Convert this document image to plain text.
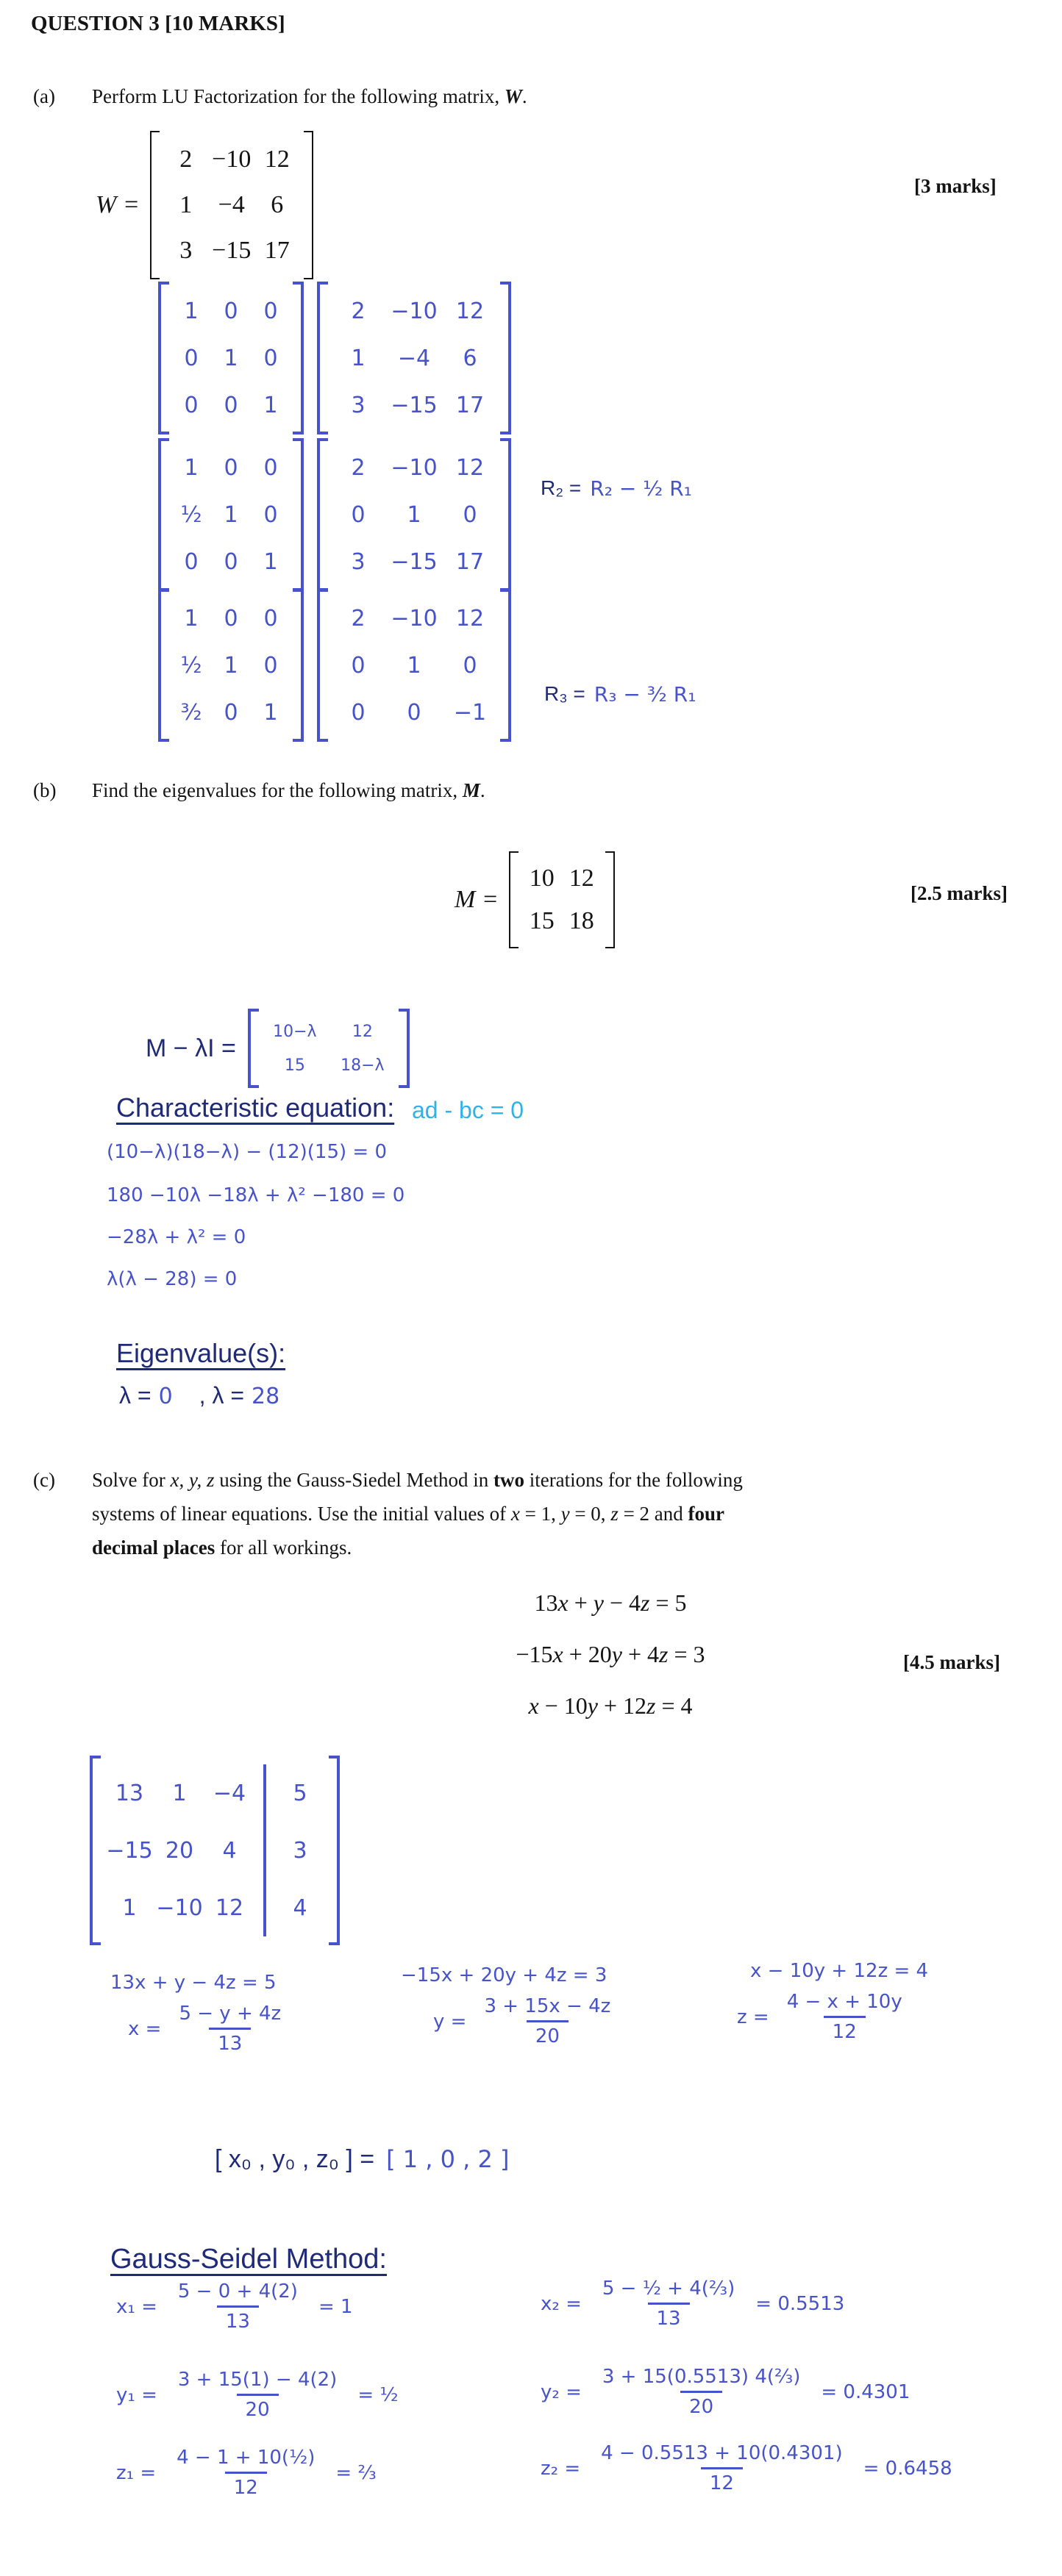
QUESTION 3 [10 MARKS]
(a) Perform LU Factorization for the following matrix, W.
W =
2 −10 12
1	−4	6
3 −15 17
[3 marks]
1	0	0
0	1	0
0	0	1
2	−10 12
1	−4	6
3	−15 17
1	0	0
¹⁄₂ 1	0
0	0	1
2	−10 12
0	1	0
3	−15 17
R₂ = R₂ − ½ R₁
1	0	0
¹⁄₂ 1	0
³⁄₂ 0	1
2	−10 12
0	1	0
0	0	−1
R₃ = R₃ − ³⁄₂ R₁
(b) Find the eigenvalues for the following matrix, M.
M =
10 12
15 18
[2.5 marks]
M − λI =
10−λ	12
15	18−λ
Characteristic equation: ad - bc = 0
(10−λ)(18−λ) − (12)(15) = 0
180 −10λ −18λ + λ² −180 = 0
−28λ + λ² = 0
λ(λ − 28) = 0
Eigenvalue(s):
λ = 0 , λ = 28
(c) Solve for x, y, z using the Gauss-Siedel Method in two iterations for the following
systems of linear equations. Use the initial values of x = 1, y = 0, z = 2 and four
decimal places for all workings.
13x + y − 4z = 5
−15x + 20y + 4z = 3
x − 10y + 12z = 4
[4.5 marks]
13	1	−4	5
−15 20	4	3
1 −10 12	4
13x + y − 4z = 5
$x = \frac{5 - y + 4z}{13}$
−15x + 20y + 4z = 3
$y = \frac{3 + 15x - 4z}{20}$
x − 10y + 12z = 4
$z = \frac{4 - x + 10y}{12}$
[ x₀ , y₀ , z₀ ] = [ 1 , 0 , 2 ]
Gauss-Seidel Method:
$x_1 = \frac{5 - 0 + 4(2)}{13} = 1$
$y_1 = \frac{3 + 15(1) - 4(2)}{20}$ = ½
$z_1 = \frac{\text{4 − 1 + 10(½)}}{12}$ = ⅔
$x_2 = \frac{\text{5 − ½ + 4(⅔)}}{13} = 0.5513$
$y_2 = \frac{\text{3 + 15(0.5513) 4(⅔)}}{20} = 0.4301$
$z_2 = \frac{4 - 0.5513 + 10(0.4301)}{12} = 0.6458$
